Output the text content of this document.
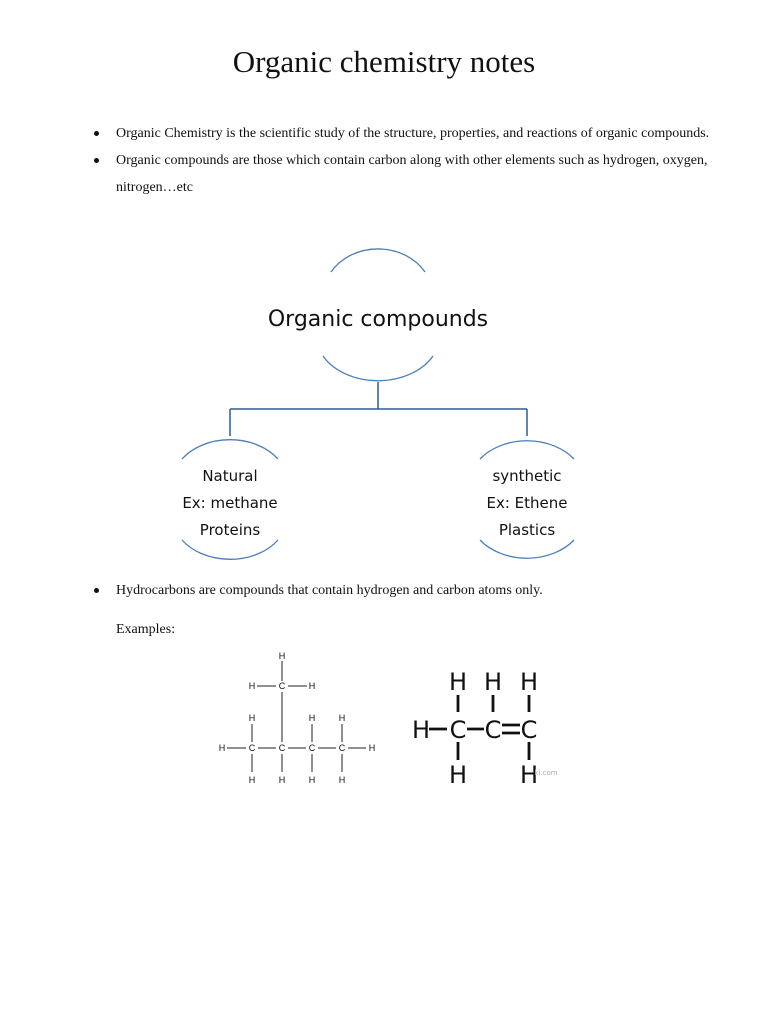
Organic chemistry notes
Organic Chemistry is the scientific study of the structure, properties, and reactions of organic compounds.
Organic compounds are those which contain carbon along with other elements such as hydrogen, oxygen, nitrogen…etc
Organic compounds
Natural
Ex: methane
Proteins
synthetic
Ex: Ethene
Plastics
H
H	C	H
H	H	H
H	C	C	C	C	H
H	H	H	H
H H H
H C C C
H H
ki.com
Hydrocarbons are compounds that contain hydrogen and carbon atoms only.
Examples:
